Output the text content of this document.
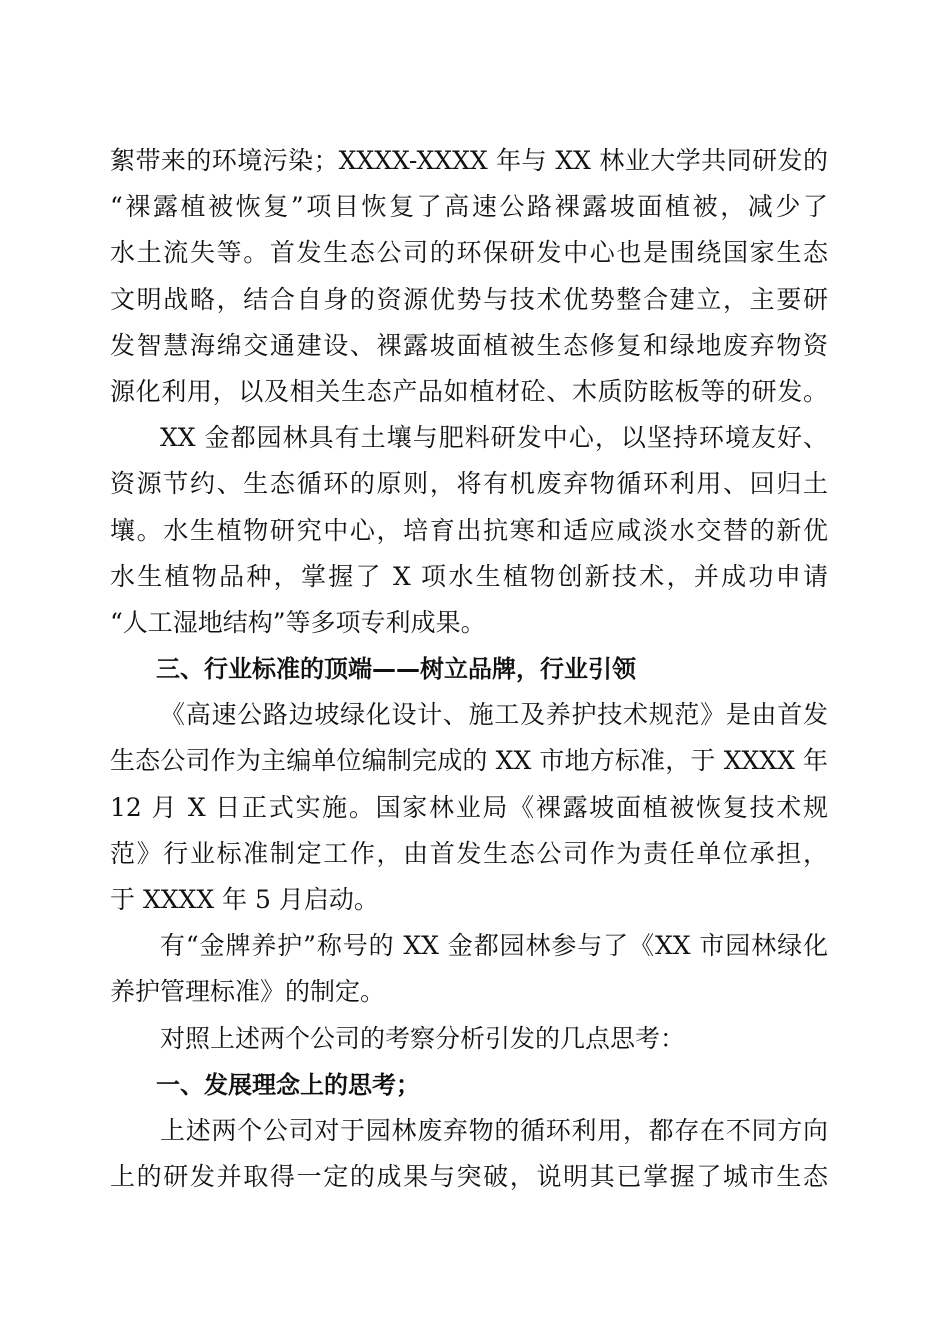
絮带来的环境污染；XXXX-XXXX 年与 XX 林业大学共同研发的
“裸露植被恢复”项目恢复了高速公路裸露坡面植被，减少了
水土流失等。首发生态公司的环保研发中心也是围绕国家生态
文明战略，结合自身的资源优势与技术优势整合建立，主要研
发智慧海绵交通建设、裸露坡面植被生态修复和绿地废弃物资
源化利用，以及相关生态产品如植材砼、木质防眩板等的研发。
XX 金都园林具有土壤与肥料研发中心，以坚持环境友好、
资源节约、生态循环的原则，将有机废弃物循环利用、回归土
壤。水生植物研究中心，培育出抗寒和适应咸淡水交替的新优
水生植物品种，掌握了 X 项水生植物创新技术，并成功申请
“人工湿地结构”等多项专利成果。
三、行业标准的顶端——树立品牌，行业引领
《高速公路边坡绿化设计、施工及养护技术规范》是由首发
生态公司作为主编单位编制完成的 XX 市地方标准，于 XXXX 年
12 月 X 日正式实施。国家林业局《裸露坡面植被恢复技术规
范》行业标准制定工作，由首发生态公司作为责任单位承担，
于 XXXX 年 5 月启动。
有“金牌养护”称号的 XX 金都园林参与了《XX 市园林绿化
养护管理标准》的制定。
对照上述两个公司的考察分析引发的几点思考：
一、发展理念上的思考；
上述两个公司对于园林废弃物的循环利用，都存在不同方向
上的研发并取得一定的成果与突破，说明其已掌握了城市生态
